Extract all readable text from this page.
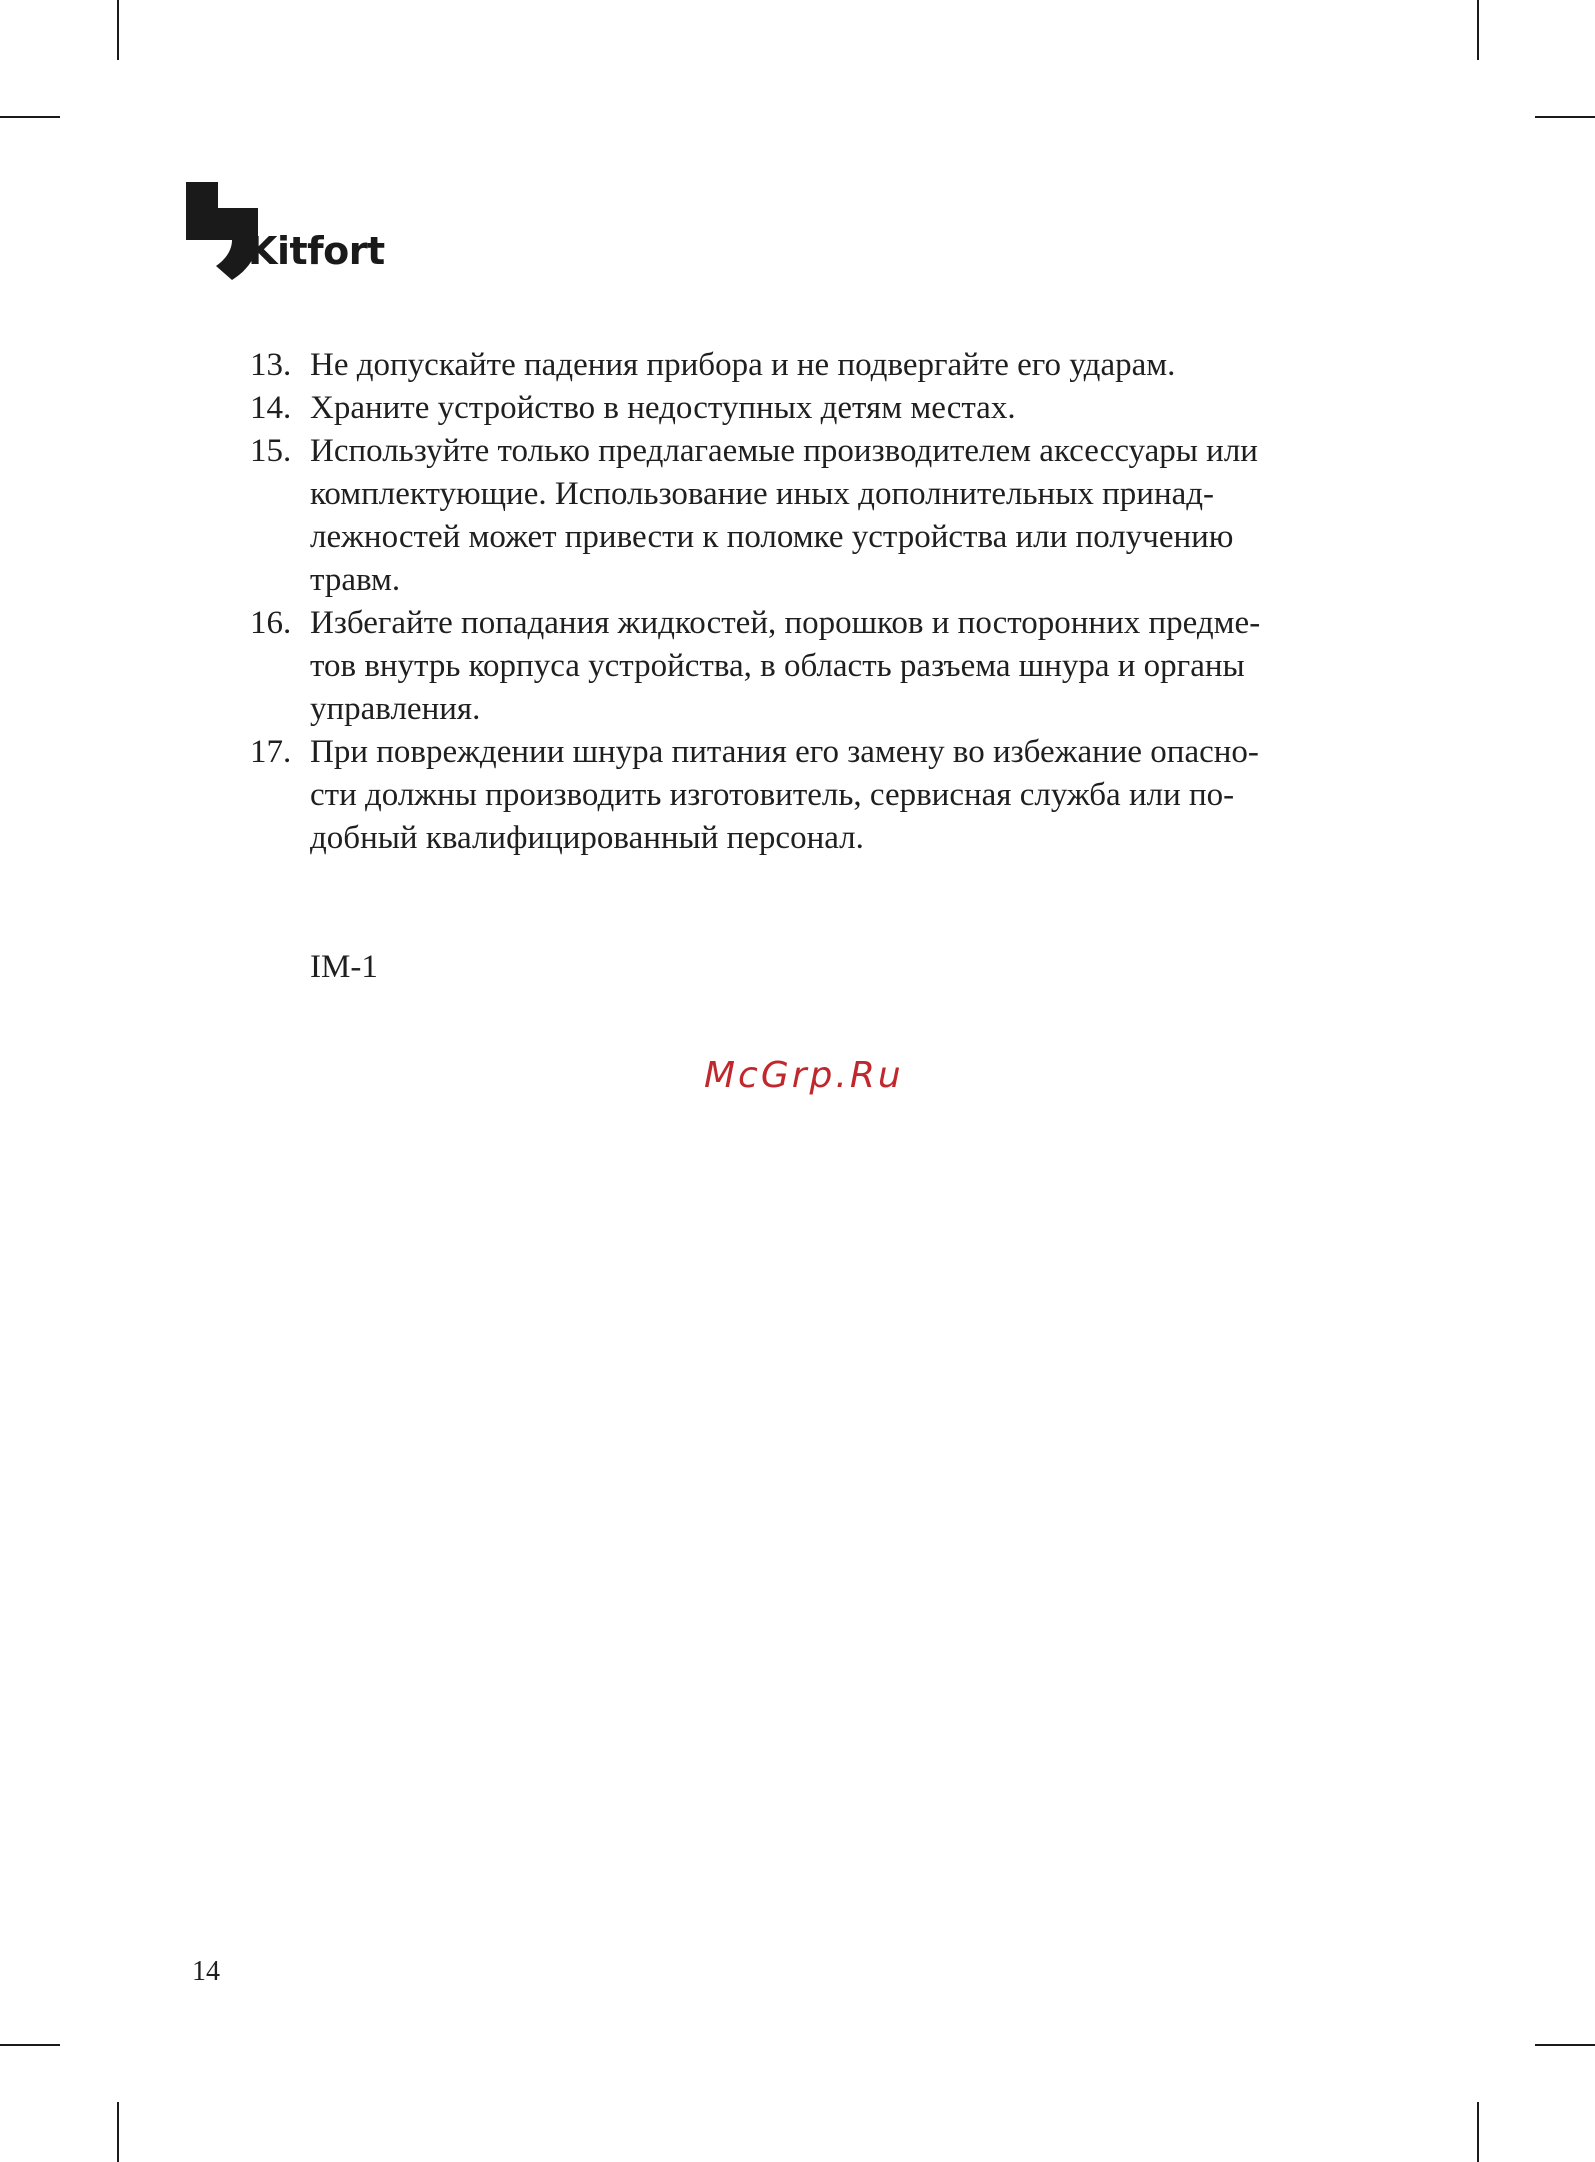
Kitfort
13. Не допускайте падения прибора и не подвергайте его ударам.
14. Храните устройство в недоступных детям местах.
15. Используйте только предлагаемые производителем аксессуары или
комплектующие. Использование иных дополнительных принад-
лежностей может привести к поломке устройства или получению
травм.
16. Избегайте попадания жидкостей, порошков и посторонних предме-
тов внутрь корпуса устройства, в область разъема шнура и органы
управления.
17. При повреждении шнура питания его замену во избежание опасно-
сти должны производить изготовитель, сервисная служба или по-
добный квалифицированный персонал.
IM-1
McGrp.Ru
14
